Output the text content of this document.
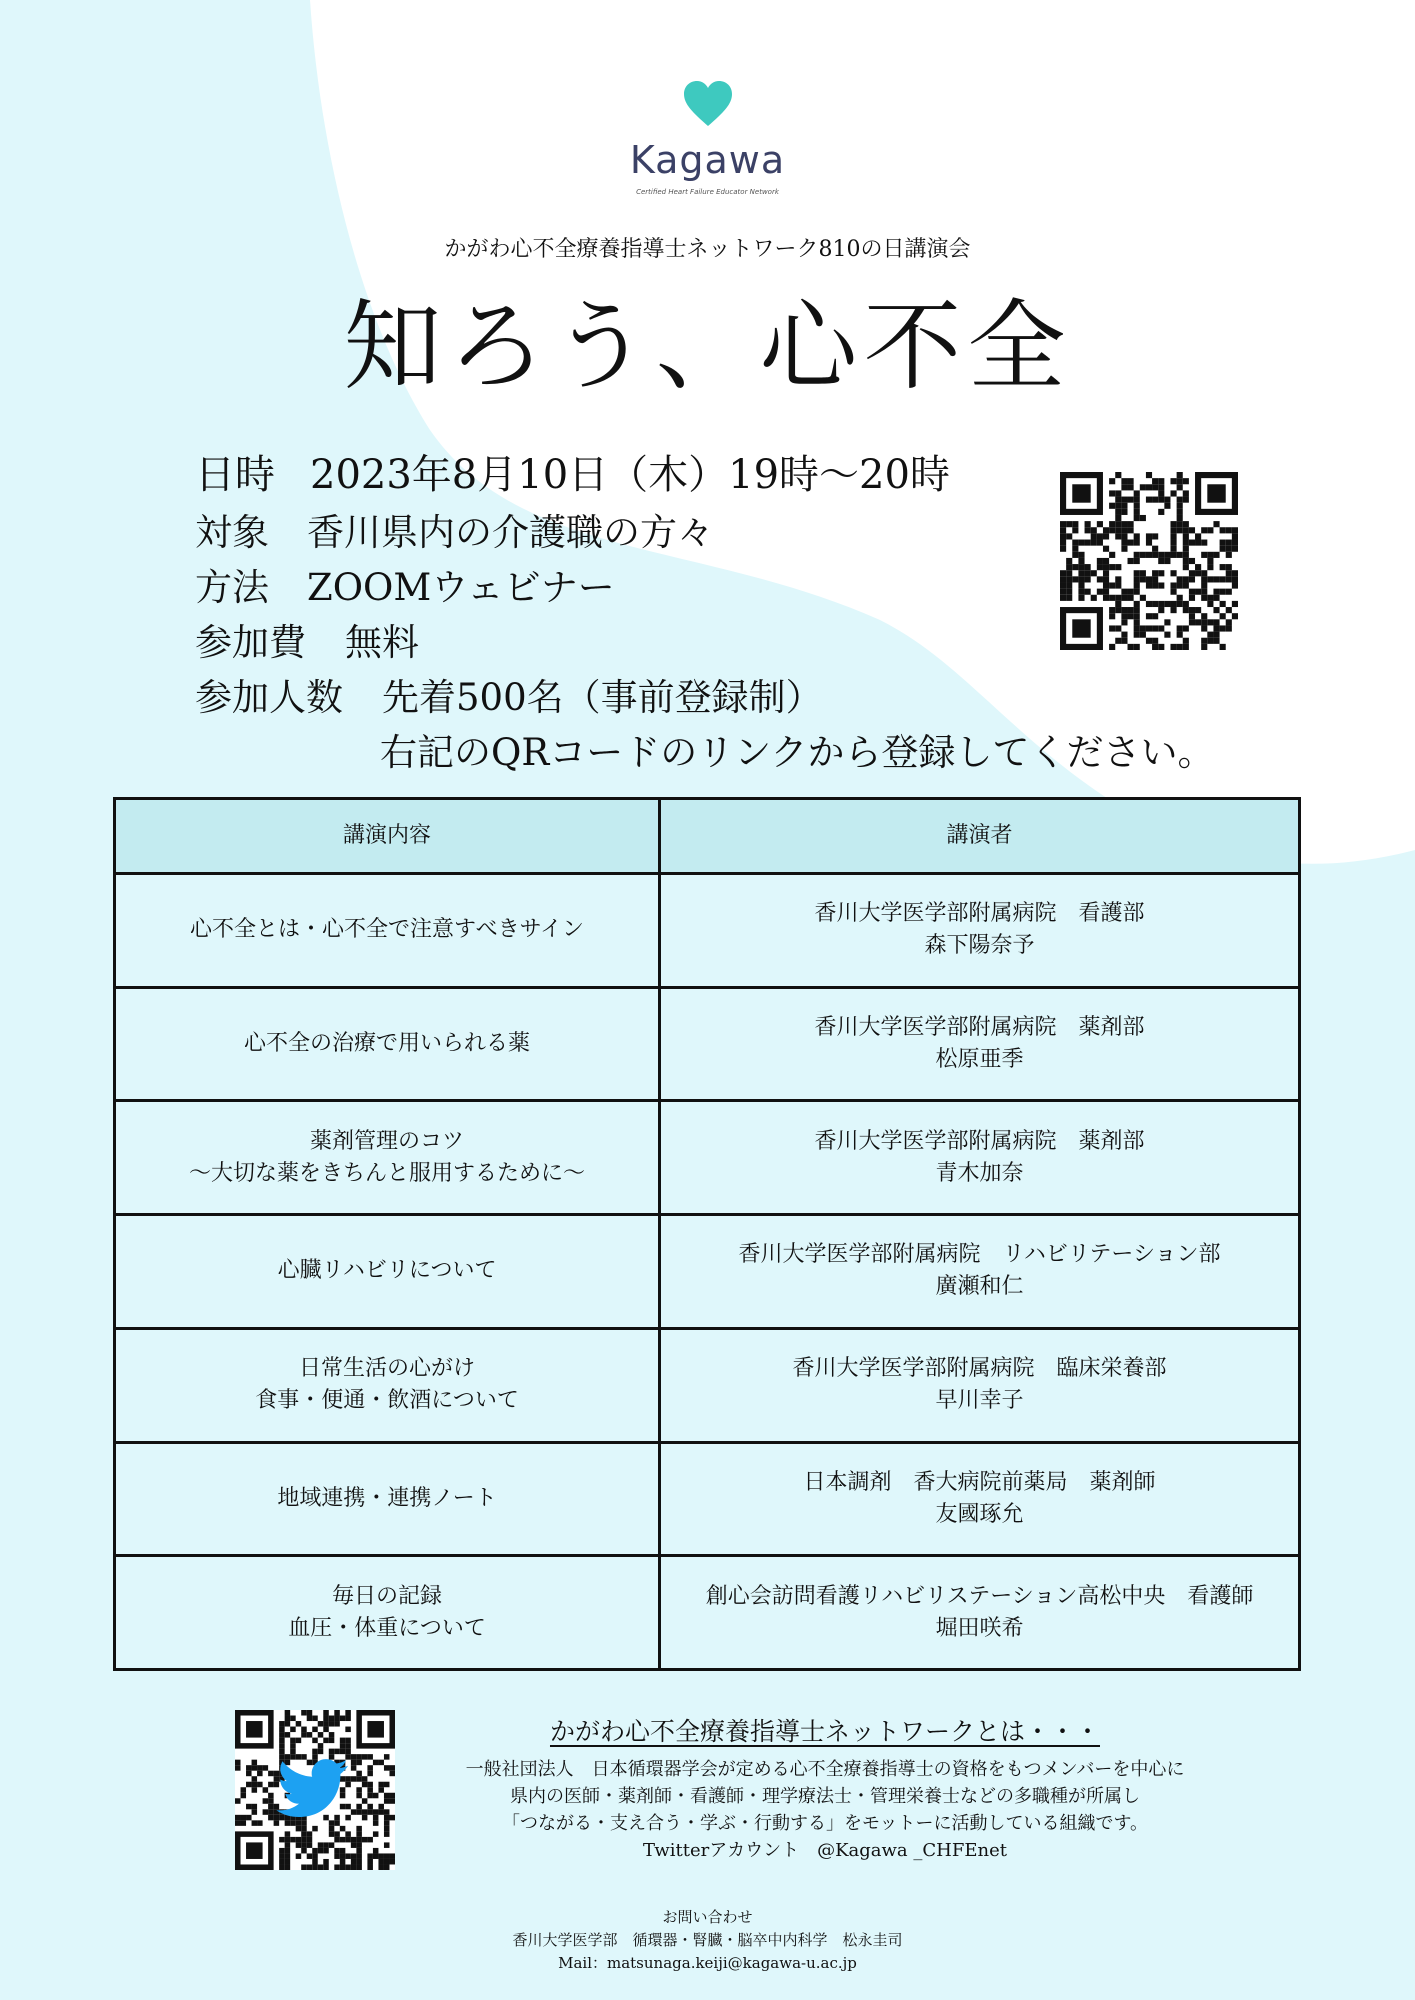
Kagawa
Certified Heart Failure Educator Network
かがわ心不全療養指導士ネットワーク810の日講演会
知ろう、心不全
日時 2023年8月10日（木）19時～20時
対象 香川県内の介護職の方々
方法 ZOOMウェビナー
参加費 無料
参加人数 先着500名（事前登録制）
右記のQRコードのリンクから登録してください。
講演内容	講演者
心不全とは・心不全で注意すべきサイン	香川大学医学部附属病院　看護部
森下陽奈予
心不全の治療で用いられる薬	香川大学医学部附属病院　薬剤部
松原亜季
薬剤管理のコツ
～大切な薬をきちんと服用するために～	香川大学医学部附属病院　薬剤部
青木加奈
心臓リハビリについて	香川大学医学部附属病院　リハビリテーション部
廣瀬和仁
日常生活の心がけ
食事・便通・飲酒について	香川大学医学部附属病院　臨床栄養部
早川幸子
地域連携・連携ノート	日本調剤　香大病院前薬局　薬剤師
友國琢允
毎日の記録
血圧・体重について	創心会訪問看護リハビリステーション高松中央　看護師
堀田咲希
かがわ心不全療養指導士ネットワークとは・・・
一般社団法人　日本循環器学会が定める心不全療養指導士の資格をもつメンバーを中心に
県内の医師・薬剤師・看護師・理学療法士・管理栄養士などの多職種が所属し
「つながる・支え合う・学ぶ・行動する」をモットーに活動している組織です。
Twitterアカウント　@Kagawa _CHFEnet
お問い合わせ
香川大学医学部　循環器・腎臓・脳卒中内科学　松永圭司
Mail：matsunaga.keiji@kagawa-u.ac.jp
